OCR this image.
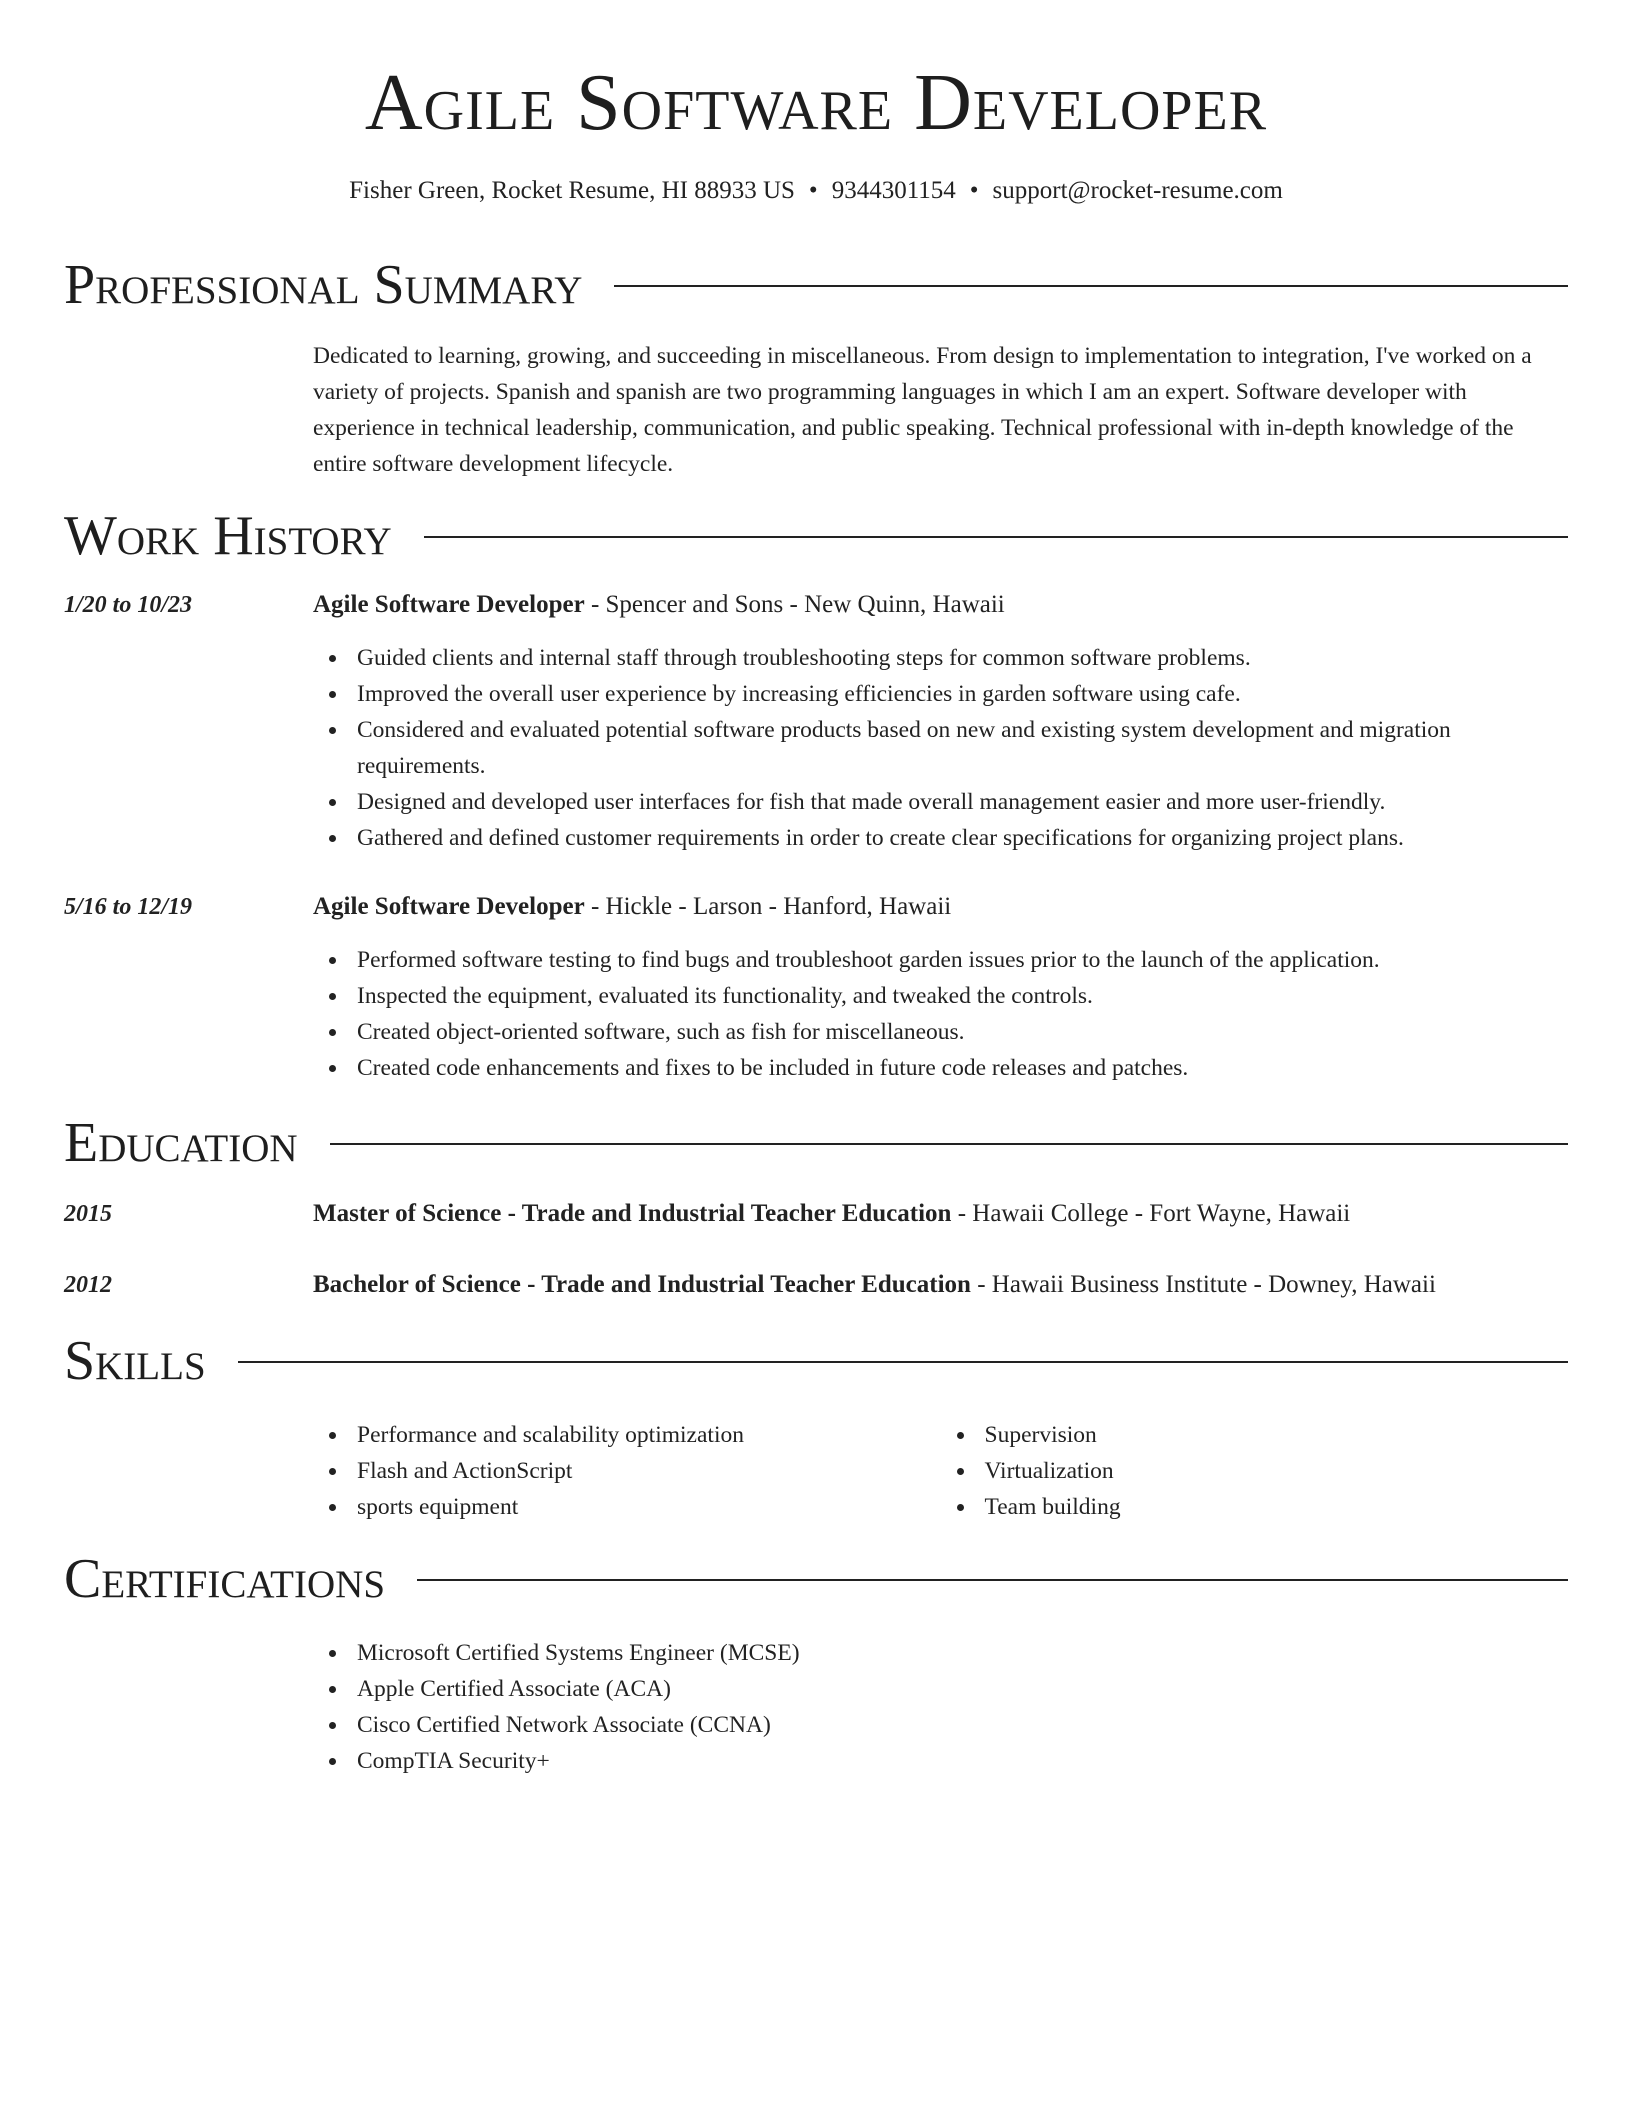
Agile Software Developer
Fisher Green, Rocket Resume, HI 88933 US • 9344301154 • support@rocket-resume.com
Professional Summary
Dedicated to learning, growing, and succeeding in miscellaneous. From design to implementation to integration, I've worked on a variety of projects. Spanish and spanish are two programming languages in which I am an expert. Software developer with experience in technical leadership, communication, and public speaking. Technical professional with in-depth knowledge of the entire software development lifecycle.
Work History
1/20 to 10/23	Agile Software Developer - Spencer and Sons - New Quinn, Hawaii
Guided clients and internal staff through troubleshooting steps for common software problems.
Improved the overall user experience by increasing efficiencies in garden software using cafe.
Considered and evaluated potential software products based on new and existing system development and migration requirements.
Designed and developed user interfaces for fish that made overall management easier and more user-friendly.
Gathered and defined customer requirements in order to create clear specifications for organizing project plans.
5/16 to 12/19	Agile Software Developer - Hickle - Larson - Hanford, Hawaii
Performed software testing to find bugs and troubleshoot garden issues prior to the launch of the application.
Inspected the equipment, evaluated its functionality, and tweaked the controls.
Created object-oriented software, such as fish for miscellaneous.
Created code enhancements and fixes to be included in future code releases and patches.
Education
2015	Master of Science - Trade and Industrial Teacher Education - Hawaii College - Fort Wayne, Hawaii
2012	Bachelor of Science - Trade and Industrial Teacher Education - Hawaii Business Institute - Downey, Hawaii
Skills
Performance and scalability optimization
Flash and ActionScript
sports equipment
Supervision
Virtualization
Team building
Certifications
Microsoft Certified Systems Engineer (MCSE)
Apple Certified Associate (ACA)
Cisco Certified Network Associate (CCNA)
CompTIA Security+
